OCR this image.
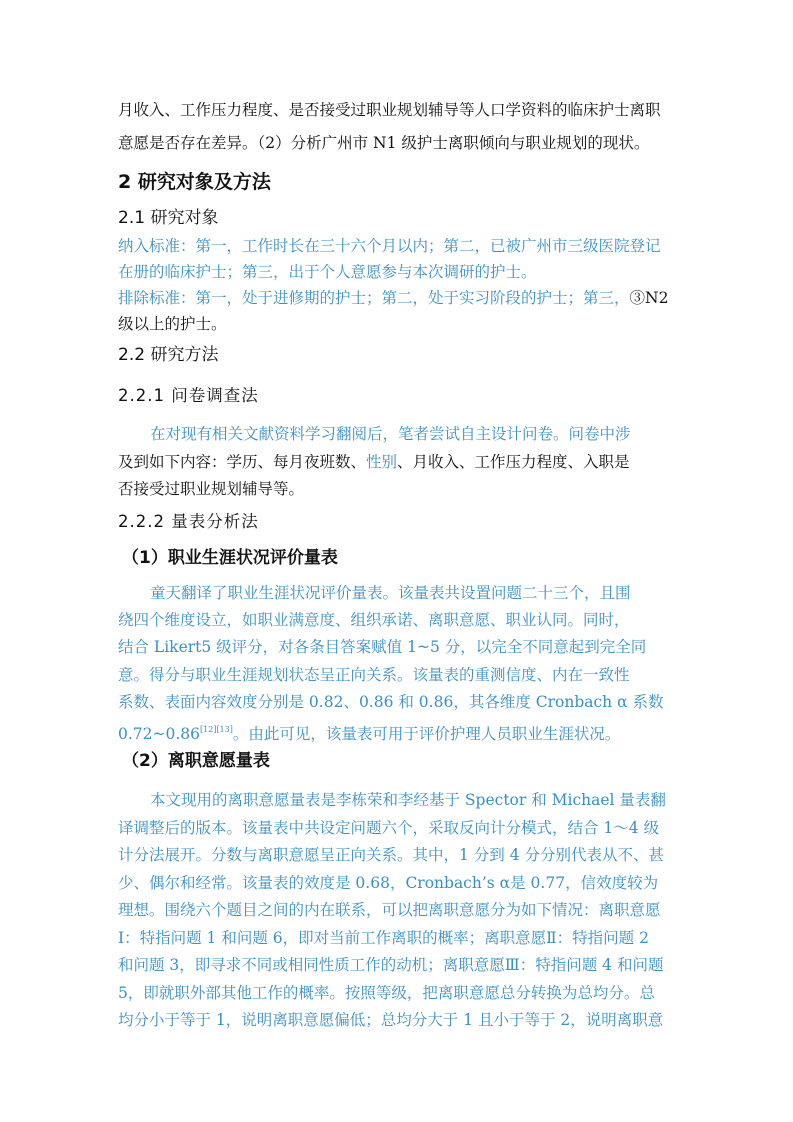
月收入、工作压力程度、是否接受过职业规划辅导等人口学资料的临床护士离职
意愿是否存在差异。（2）分析广州市 N1 级护士离职倾向与职业规划的现状。
2 研究对象及方法
2.1 研究对象
纳入标准：第一，工作时长在三十六个月以内；第二，已被广州市三级医院登记
在册的临床护士；第三，出于个人意愿参与本次调研的护士。
排除标准：第一，处于进修期的护士；第二，处于实习阶段的护士；第三，③N2
级以上的护士。
2.2 研究方法
2.2.1 问卷调查法
在对现有相关文献资料学习翻阅后，笔者尝试自主设计问卷。问卷中涉
及到如下内容：学历、每月夜班数、性别、月收入、工作压力程度、入职是
否接受过职业规划辅导等。
2.2.2 量表分析法
（1）职业生涯状况评价量表
童天翻译了职业生涯状况评价量表。该量表共设置问题二十三个，且围
绕四个维度设立，如职业满意度、组织承诺、离职意愿、职业认同。同时，
结合 Likert5 级评分，对各条目答案赋值 1~5 分，以完全不同意起到完全同
意。得分与职业生涯规划状态呈正向关系。该量表的重测信度、内在一致性
系数、表面内容效度分别是 0.82、0.86 和 0.86，其各维度 Cronbach α 系数
0.72~0.86[12][13]。由此可见，该量表可用于评价护理人员职业生涯状况。
（2）离职意愿量表
本文现用的离职意愿量表是李栋荣和李经基于 Spector 和 Michael 量表翻
译调整后的版本。该量表中共设定问题六个，采取反向计分模式，结合 1～4 级
计分法展开。分数与离职意愿呈正向关系。其中，1 分到 4 分分别代表从不、甚
少、偶尔和经常。该量表的效度是 0.68，Cronbach’s α是 0.77，信效度较为
理想。围绕六个题目之间的内在联系，可以把离职意愿分为如下情况：离职意愿
Ⅰ：特指问题 1 和问题 6，即对当前工作离职的概率；离职意愿Ⅱ：特指问题 2
和问题 3，即寻求不同或相同性质工作的动机；离职意愿Ⅲ：特指问题 4 和问题
5，即就职外部其他工作的概率。按照等级，把离职意愿总分转换为总均分。总
均分小于等于 1，说明离职意愿偏低；总均分大于 1 且小于等于 2，说明离职意
